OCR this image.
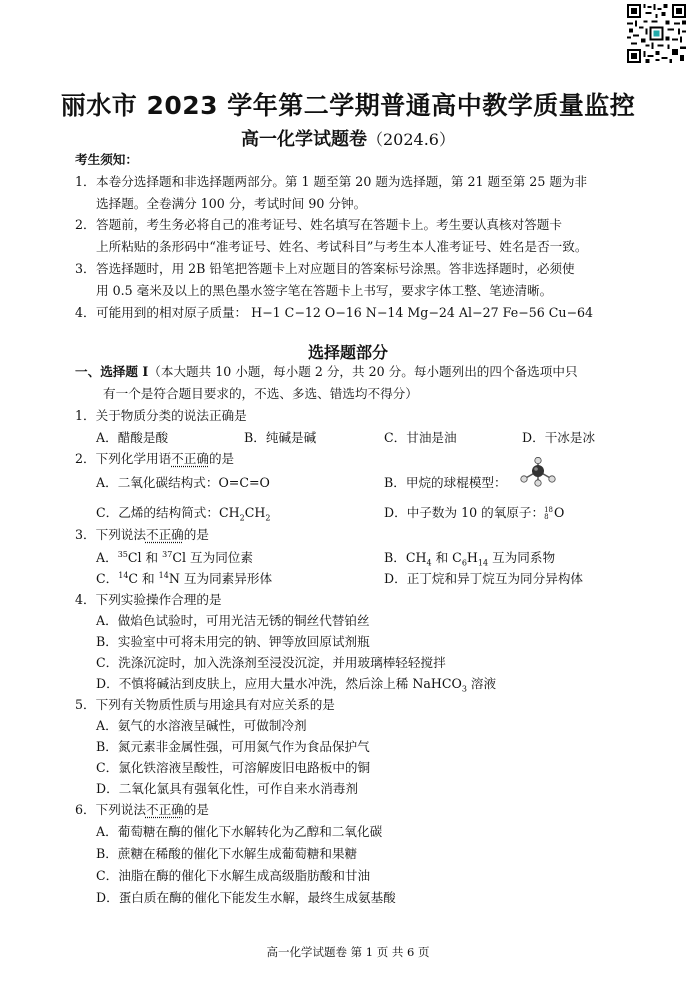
丽水市 2023 学年第二学期普通高中教学质量监控
高一化学试题卷（2024.6）
考生须知：
1． 本卷分选择题和非选择题两部分。第 1 题至第 20 题为选择题，第 21 题至第 25 题为非
选择题。全卷满分 100 分，考试时间 90 分钟。
2． 答题前，考生务必将自己的准考证号、姓名填写在答题卡上。考生要认真核对答题卡
上所粘贴的条形码中“准考证号、姓名、考试科目”与考生本人准考证号、姓名是否一致。
3． 答选择题时，用 2B 铅笔把答题卡上对应题目的答案标号涂黑。答非选择题时，必须使
用 0.5 毫米及以上的黑色墨水签字笔在答题卡上书写，要求字体工整、笔迹清晰。
4． 可能用到的相对原子质量： H−1 C−12 O−16 N−14 Mg−24 Al−27 Fe−56 Cu−64
选择题部分
一、选择题 I（本大题共 10 小题，每小题 2 分，共 20 分。每小题列出的四个备选项中只
有一个是符合题目要求的，不选、多选、错选均不得分）
1．关于物质分类的说法正确是
A．醋酸是酸	B．纯碱是碱	C．甘油是油	D．干冰是冰
2．下列化学用语不正确的是
A．二氧化碳结构式：O=C=O	B．甲烷的球棍模型：
C．乙烯的结构简式：$CH_2CH_2$	D．中子数为 10 的氧原子： 18
8 O
3．下列说法不正确的是
A．$^{35}$Cl 和 $^{37}$Cl 互为同位素	B．$CH_4$ 和 $C_6H_{14}$ 互为同系物
C．$^{14}$C 和 $^{14}$N 互为同素异形体	D．正丁烷和异丁烷互为同分异构体
4．下列实验操作合理的是
A．做焰色试验时，可用光洁无锈的铜丝代替铂丝
B．实验室中可将未用完的钠、钾等放回原试剂瓶
C．洗涤沉淀时，加入洗涤剂至浸没沉淀，并用玻璃棒轻轻搅拌
D．不慎将碱沾到皮肤上，应用大量水冲洗，然后涂上稀 NaHCO$_3$ 溶液
5．下列有关物质性质与用途具有对应关系的是
A．氨气的水溶液呈碱性，可做制冷剂
B．氮元素非金属性强，可用氮气作为食品保护气
C．氯化铁溶液呈酸性，可溶解废旧电路板中的铜
D．二氧化氯具有强氧化性，可作自来水消毒剂
6．下列说法不正确的是
A．葡萄糖在酶的催化下水解转化为乙醇和二氧化碳
B．蔗糖在稀酸的催化下水解生成葡萄糖和果糖
C．油脂在酶的催化下水解生成高级脂肪酸和甘油
D．蛋白质在酶的催化下能发生水解，最终生成氨基酸
高一化学试题卷 第 1 页 共 6 页
